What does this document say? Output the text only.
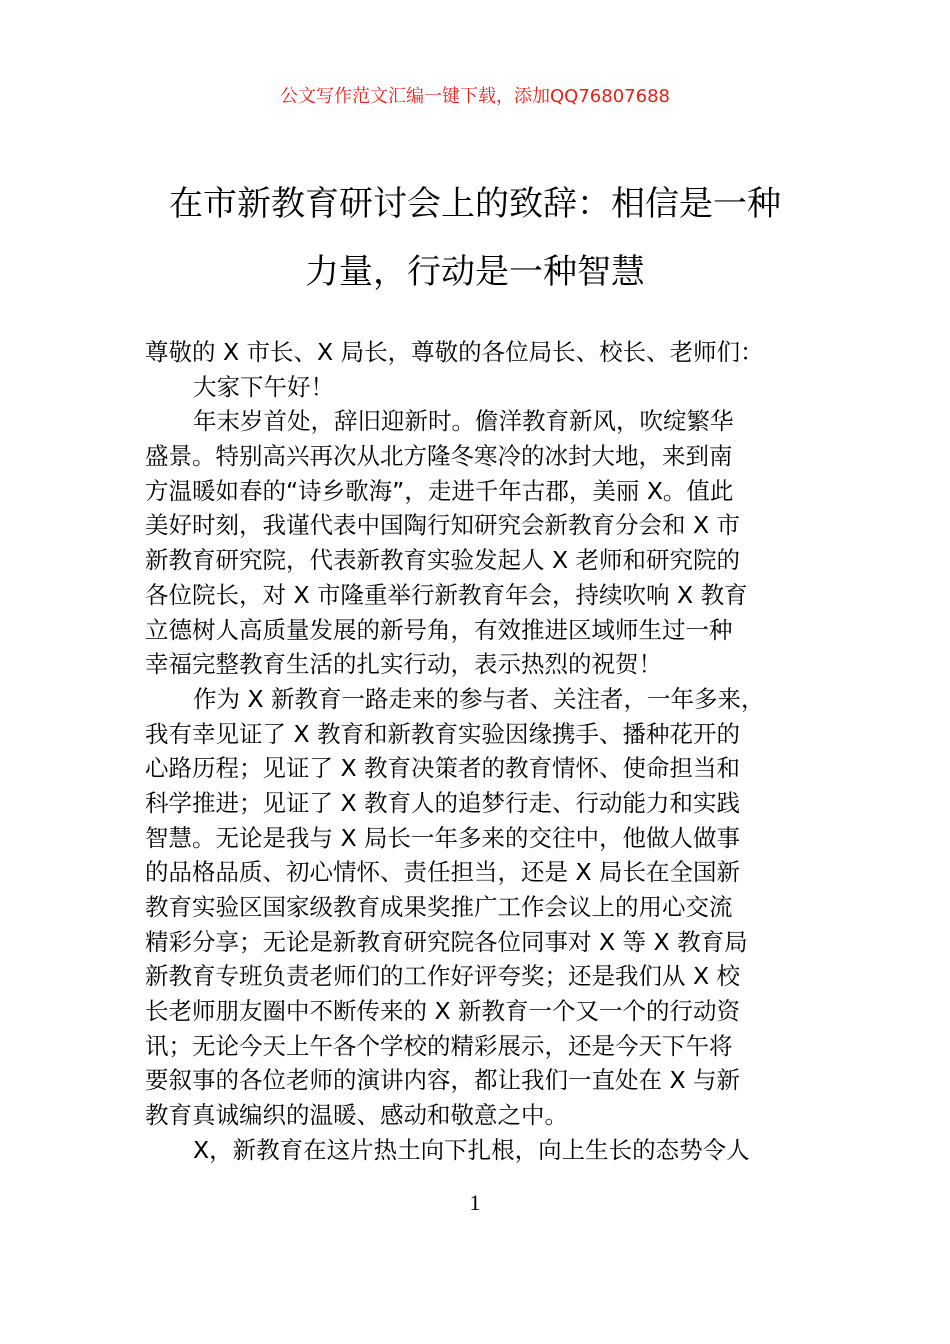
公文写作范文汇编一键下载，添加QQ76807688
在市新教育研讨会上的致辞：相信是一种
力量，行动是一种智慧
尊敬的 X 市长、X 局长，尊敬的各位局长、校长、老师们：
大家下午好！
年末岁首处，辞旧迎新时。儋洋教育新风，吹绽繁华
盛景。特别高兴再次从北方隆冬寒冷的冰封大地，来到南
方温暖如春的“诗乡歌海”，走进千年古郡，美丽 X。值此
美好时刻，我谨代表中国陶行知研究会新教育分会和 X 市
新教育研究院，代表新教育实验发起人 X 老师和研究院的
各位院长，对 X 市隆重举行新教育年会，持续吹响 X 教育
立德树人高质量发展的新号角，有效推进区域师生过一种
幸福完整教育生活的扎实行动，表示热烈的祝贺！
作为 X 新教育一路走来的参与者、关注者，一年多来，
我有幸见证了 X 教育和新教育实验因缘携手、播种花开的
心路历程；见证了 X 教育决策者的教育情怀、使命担当和
科学推进；见证了 X 教育人的追梦行走、行动能力和实践
智慧。无论是我与 X 局长一年多来的交往中，他做人做事
的品格品质、初心情怀、责任担当，还是 X 局长在全国新
教育实验区国家级教育成果奖推广工作会议上的用心交流
精彩分享；无论是新教育研究院各位同事对 X 等 X 教育局
新教育专班负责老师们的工作好评夸奖；还是我们从 X 校
长老师朋友圈中不断传来的 X 新教育一个又一个的行动资
讯；无论今天上午各个学校的精彩展示，还是今天下午将
要叙事的各位老师的演讲内容，都让我们一直处在 X 与新
教育真诚编织的温暖、感动和敬意之中。
X，新教育在这片热土向下扎根，向上生长的态势令人
1
